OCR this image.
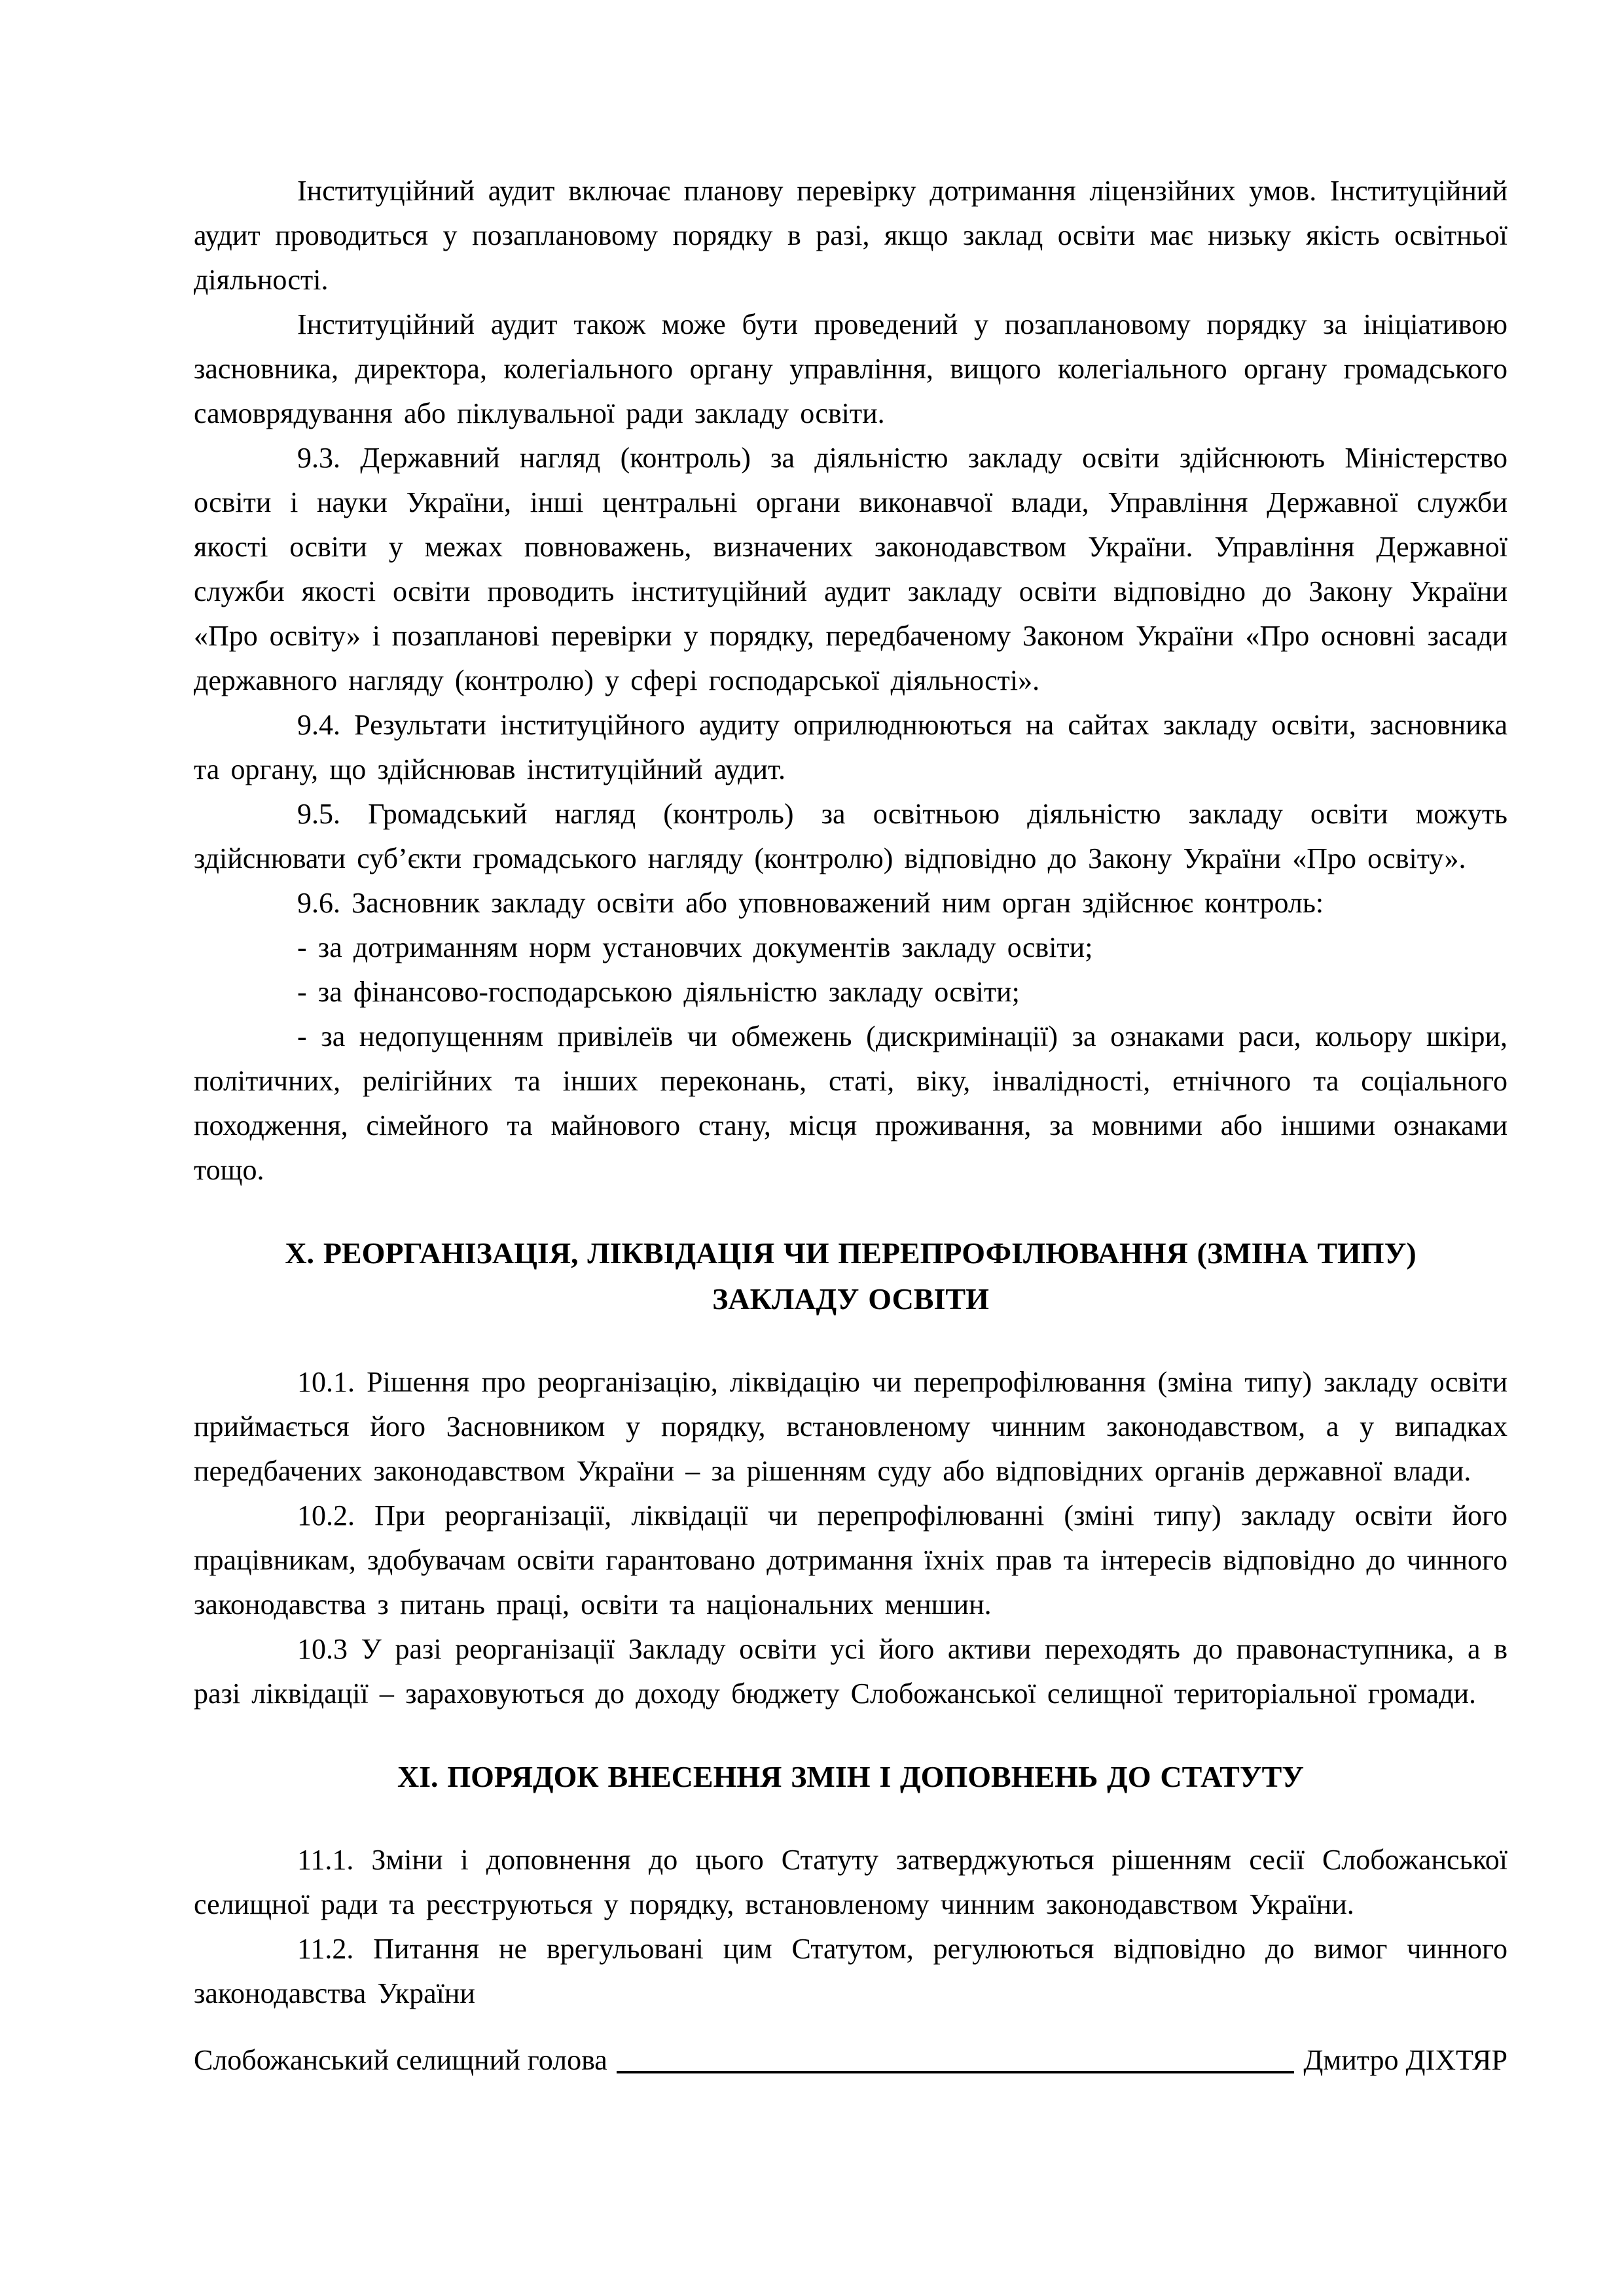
Інституційний аудит включає планову перевірку дотримання ліцензійних умов. Інституційний аудит проводиться у позаплановому порядку в разі, якщо заклад освіти має низьку якість освітньої діяльності.

Інституційний аудит також може бути проведений у позаплановому порядку за ініціативою засновника, директора, колегіального органу управління, вищого колегіального органу громадського самоврядування або піклувальної ради закладу освіти.

9.3. Державний нагляд (контроль) за діяльністю закладу освіти здійснюють Міністерство освіти і науки України, інші центральні органи виконавчої влади, Управління Державної служби якості освіти у межах повноважень, визначених законодавством України. Управління Державної служби якості освіти проводить інституційний аудит закладу освіти відповідно до Закону України «Про освіту» і позапланові перевірки у порядку, передбаченому Законом України «Про основні засади державного нагляду (контролю) у сфері господарської діяльності».

9.4. Результати інституційного аудиту оприлюднюються на сайтах закладу освіти, засновника та органу, що здійснював інституційний аудит.

9.5. Громадський нагляд (контроль) за освітньою діяльністю закладу освіти можуть здійснювати суб’єкти громадського нагляду (контролю) відповідно до Закону України «Про освіту».

9.6. Засновник закладу освіти або уповноважений ним орган здійснює контроль:

- за дотриманням норм установчих документів закладу освіти;

- за фінансово-господарською діяльністю закладу освіти;

- за недопущенням привілеїв чи обмежень (дискримінації) за ознаками раси, кольору шкіри, політичних, релігійних та інших переконань, статі, віку, інвалідності, етнічного та соціального походження, сімейного та майнового стану, місця проживання, за мовними або іншими ознаками тощо.

Х. РЕОРГАНІЗАЦІЯ, ЛІКВІДАЦІЯ ЧИ ПЕРЕПРОФІЛЮВАННЯ (ЗМІНА ТИПУ) ЗАКЛАДУ ОСВІТИ

10.1. Рішення про реорганізацію, ліквідацію чи перепрофілювання (зміна типу) закладу освіти приймається його Засновником у порядку, встановленому чинним законодавством, а у випадках передбачених законодавством України – за рішенням суду або відповідних органів державної влади.

10.2. При реорганізації, ліквідації чи перепрофілюванні (зміні типу) закладу освіти його працівникам, здобувачам освіти гарантовано дотримання їхніх прав та інтересів відповідно до чинного законодавства з питань праці, освіти та національних меншин.

10.3 У разі реорганізації Закладу освіти усі його активи переходять до правонаступника, а в разі ліквідації – зараховуються до доходу бюджету Слобожанської селищної територіальної громади.

ХІ. ПОРЯДОК ВНЕСЕННЯ ЗМІН І ДОПОВНЕНЬ ДО СТАТУТУ

11.1. Зміни і доповнення до цього Статуту затверджуються рішенням сесії Слобожанської селищної ради та реєструються у порядку, встановленому чинним законодавством України.

11.2. Питання не врегульовані цим Статутом, регулюються відповідно до вимог чинного законодавства України

Слобожанський селищний голова	Дмитро ДІХТЯР
